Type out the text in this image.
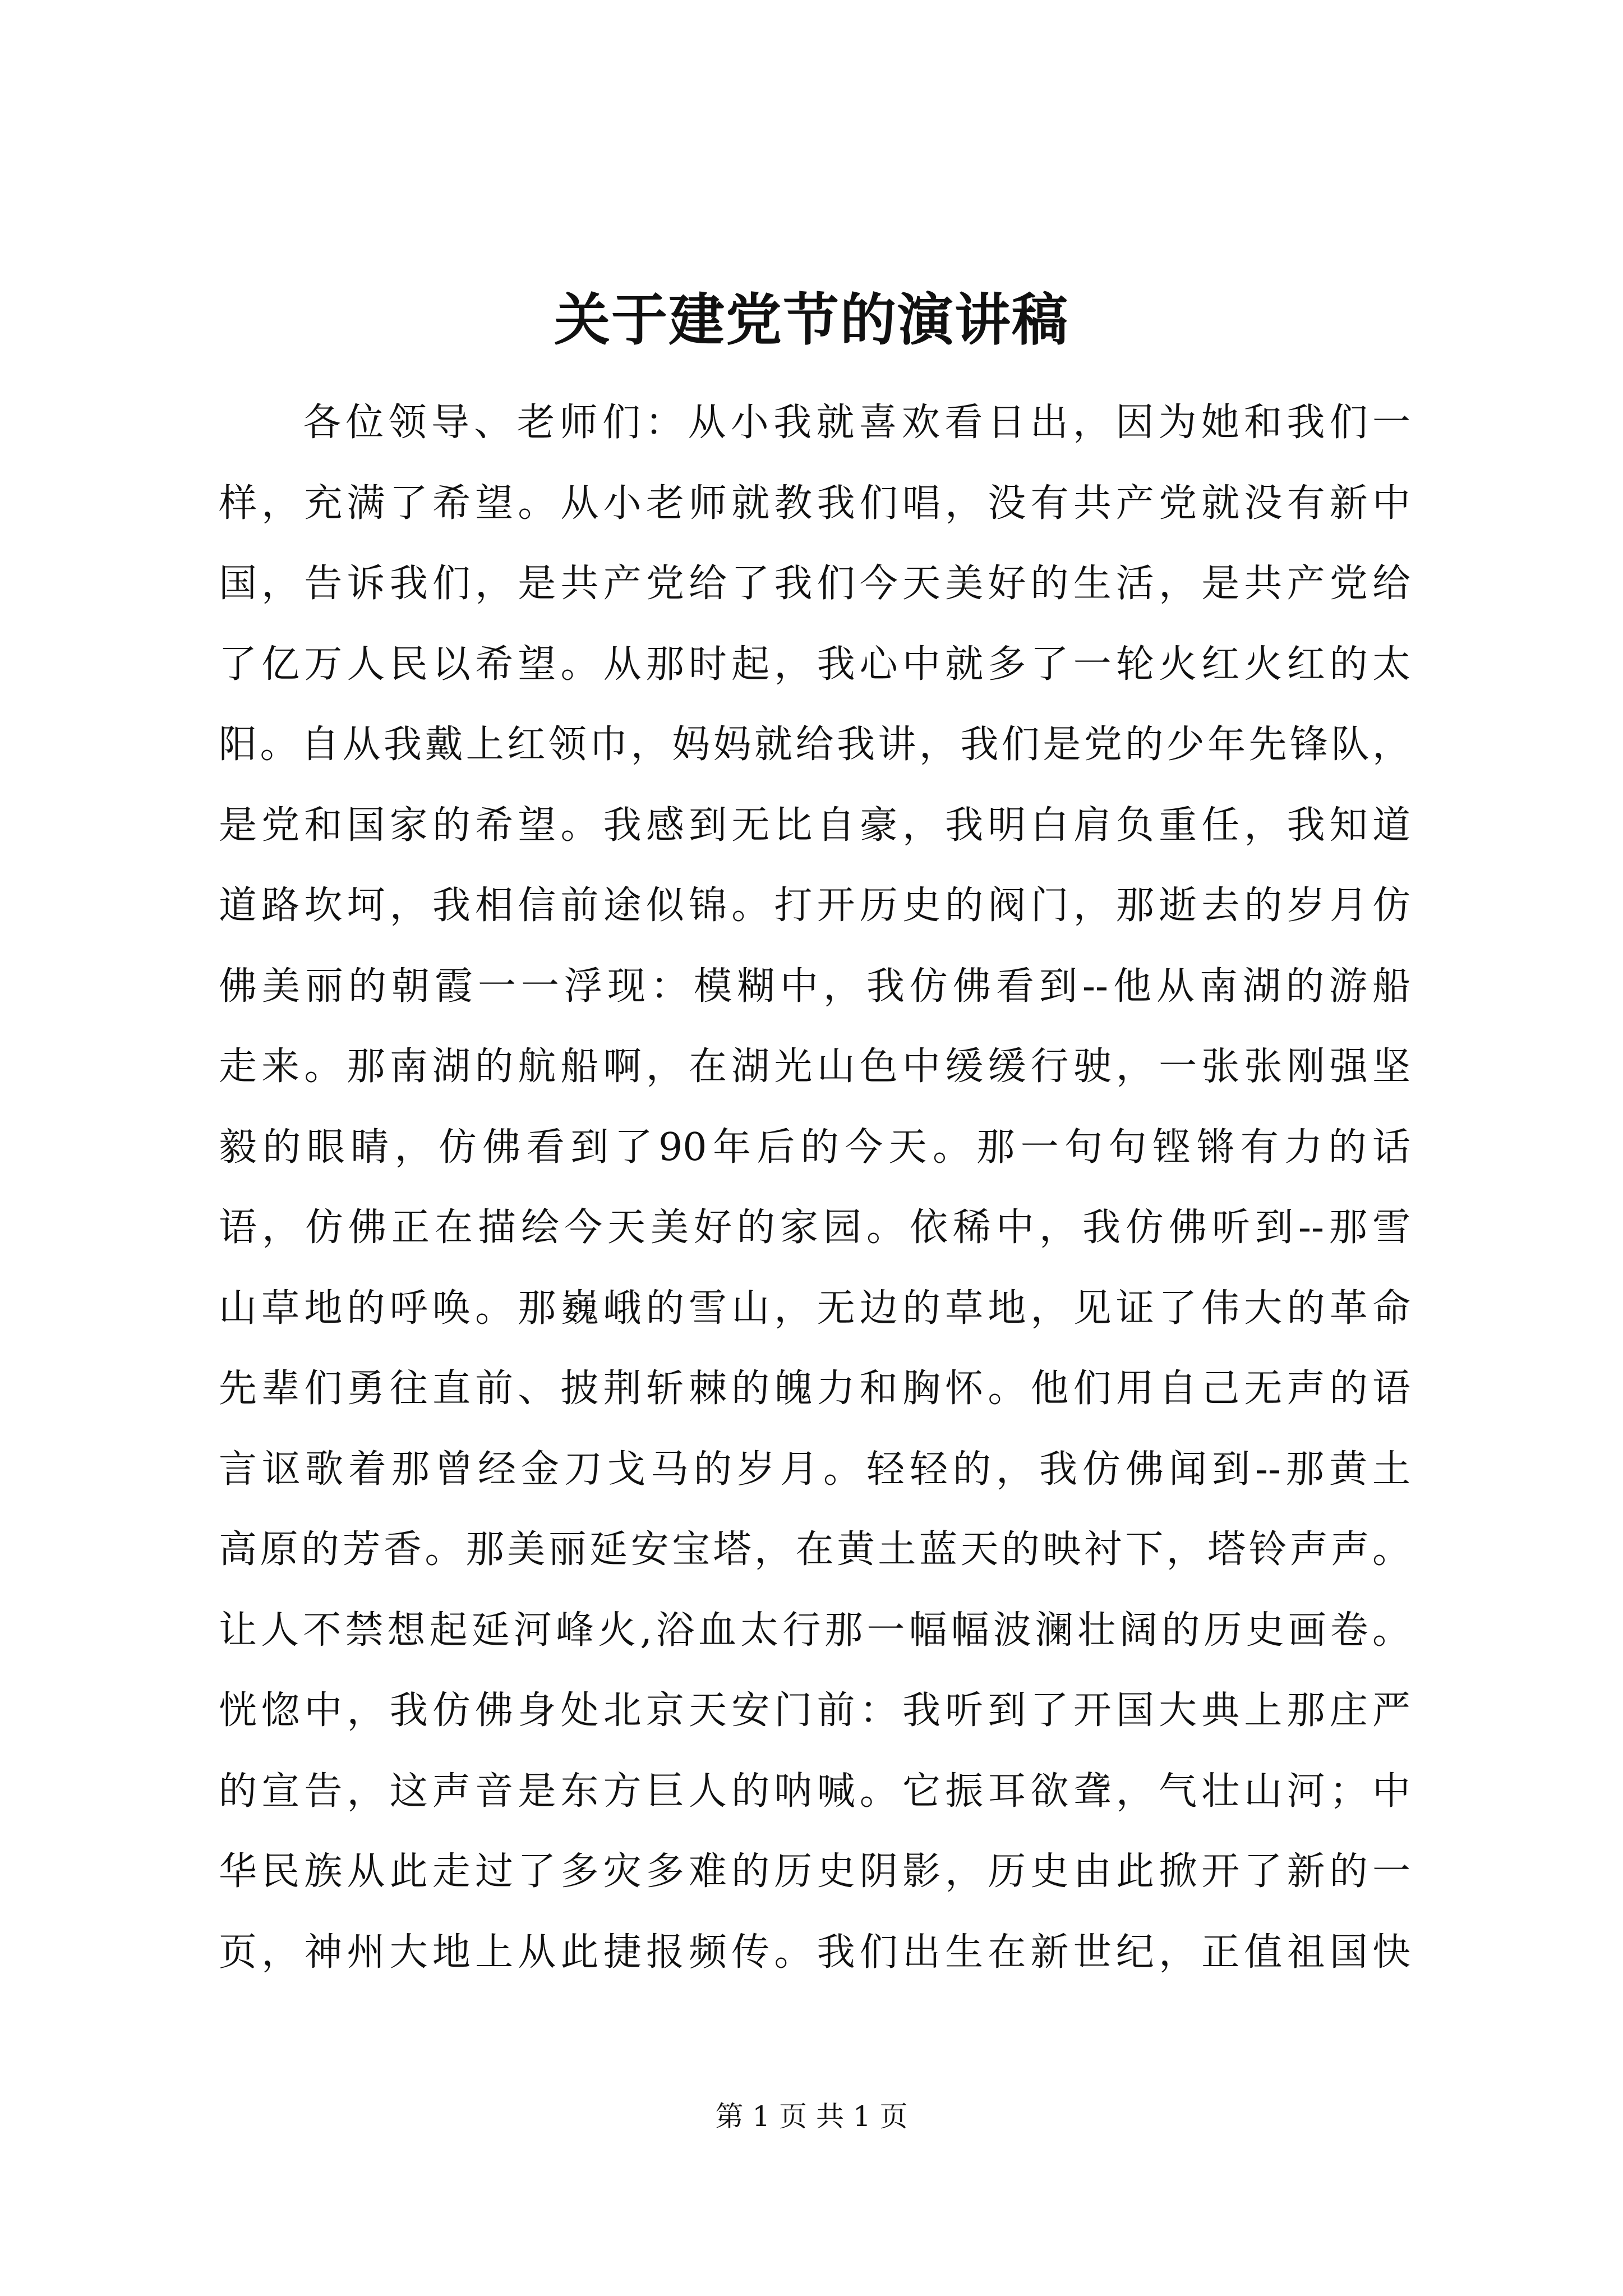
关于建党节的演讲稿
各位领导、老师们：从小我就喜欢看日出，因为她和我们一
样，充满了希望。从小老师就教我们唱，没有共产党就没有新中
国，告诉我们，是共产党给了我们今天美好的生活，是共产党给
了亿万人民以希望。从那时起，我心中就多了一轮火红火红的太
阳。自从我戴上红领巾，妈妈就给我讲，我们是党的少年先锋队，
是党和国家的希望。我感到无比自豪，我明白肩负重任，我知道
道路坎坷，我相信前途似锦。打开历史的阀门，那逝去的岁月仿
佛美丽的朝霞一一浮现：模糊中，我仿佛看到--他从南湖的游船
走来。那南湖的航船啊，在湖光山色中缓缓行驶，一张张刚强坚
毅的眼睛，仿佛看到了90年后的今天。那一句句铿锵有力的话
语，仿佛正在描绘今天美好的家园。依稀中，我仿佛听到--那雪
山草地的呼唤。那巍峨的雪山，无边的草地，见证了伟大的革命
先辈们勇往直前、披荆斩棘的魄力和胸怀。他们用自己无声的语
言讴歌着那曾经金刀戈马的岁月。轻轻的，我仿佛闻到--那黄土
高原的芳香。那美丽延安宝塔，在黄土蓝天的映衬下，塔铃声声。
让人不禁想起延河峰火,浴血太行那一幅幅波澜壮阔的历史画卷。
恍惚中，我仿佛身处北京天安门前：我听到了开国大典上那庄严
的宣告，这声音是东方巨人的呐喊。它振耳欲聋，气壮山河；中
华民族从此走过了多灾多难的历史阴影，历史由此掀开了新的一
页，神州大地上从此捷报频传。我们出生在新世纪，正值祖国快

第 1 页 共 1 页
